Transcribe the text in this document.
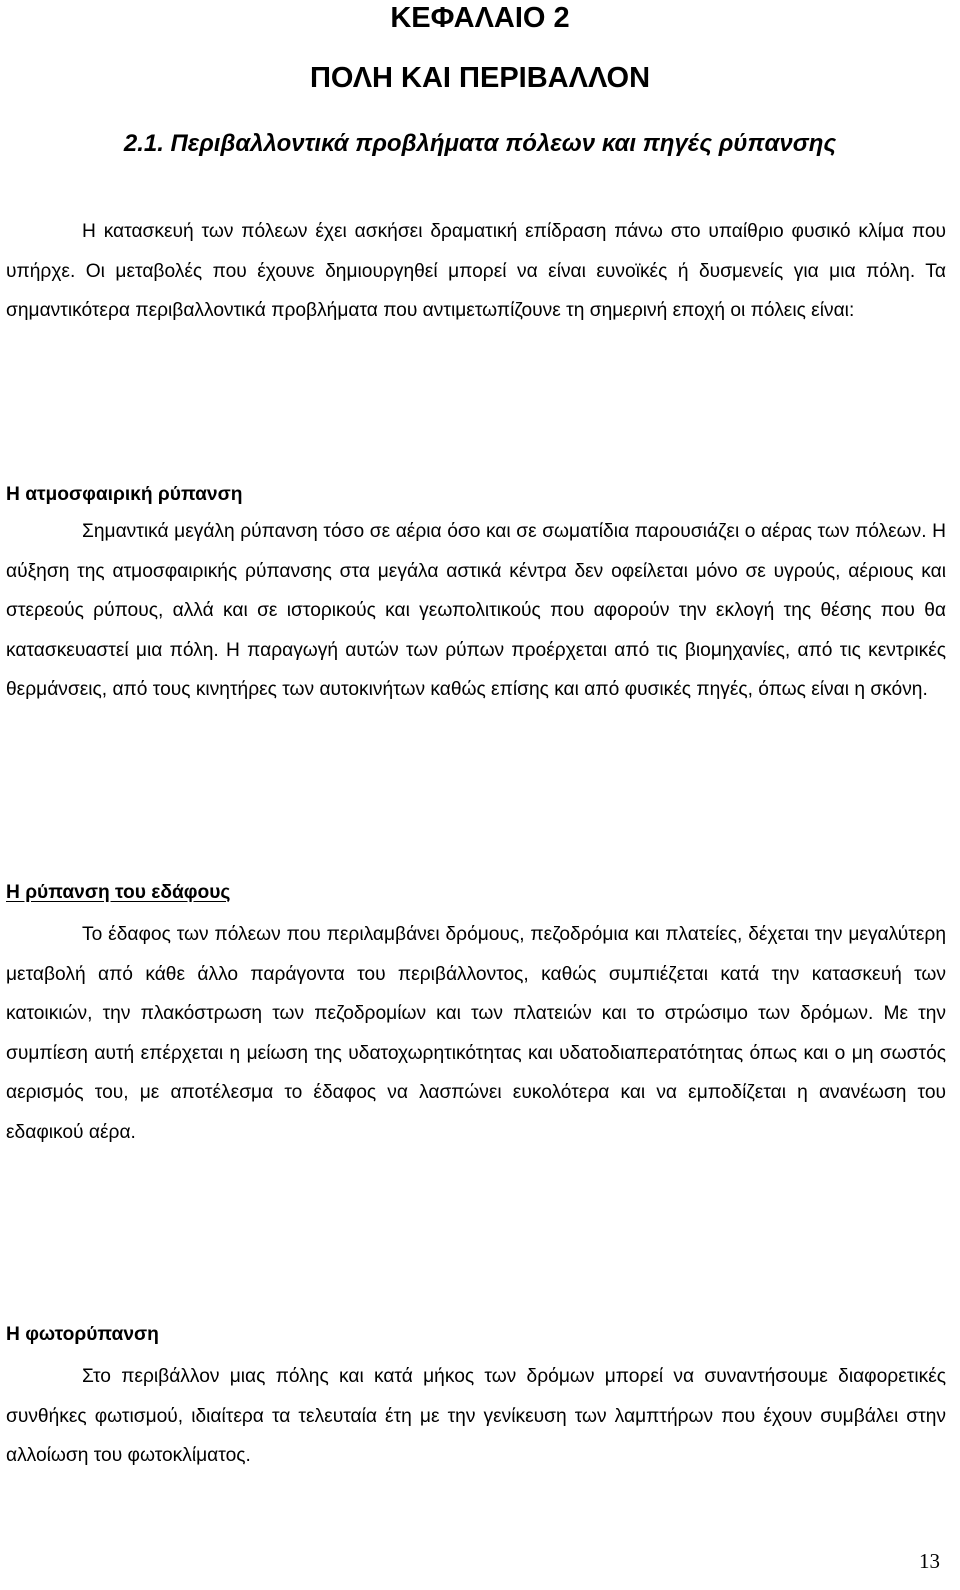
ΚΕΦΑΛΑΙΟ 2
ΠΟΛΗ ΚΑΙ ΠΕΡΙΒΑΛΛΟΝ
2.1. Περιβαλλοντικά προβλήματα πόλεων και πηγές ρύπανσης

Η κατασκευή των πόλεων έχει ασκήσει δραματική επίδραση πάνω στο υπαίθριο φυσικό κλίμα που υπήρχε. Οι μεταβολές που έχουνε δημιουργηθεί μπορεί να είναι ευνοϊκές ή δυσμενείς για μια πόλη. Τα σημαντικότερα περιβαλλοντικά προβλήματα που αντιμετωπίζουνε τη σημερινή εποχή οι πόλεις είναι:

Η ατμοσφαιρική ρύπανση

Σημαντικά μεγάλη ρύπανση τόσο σε αέρια όσο και σε σωματίδια παρουσιάζει ο αέρας των πόλεων. Η αύξηση της ατμοσφαιρικής ρύπανσης στα μεγάλα αστικά κέντρα δεν οφείλεται μόνο σε υγρούς, αέριους και στερεούς ρύπους, αλλά και σε ιστορικούς και γεωπολιτικούς που αφορούν την εκλογή της θέσης που θα κατασκευαστεί μια πόλη. Η παραγωγή αυτών των ρύπων προέρχεται από τις βιομηχανίες, από τις κεντρικές θερμάνσεις, από τους κινητήρες των αυτοκινήτων καθώς επίσης και από φυσικές πηγές, όπως είναι η σκόνη.

Η ρύπανση του εδάφους

Το έδαφος των πόλεων που περιλαμβάνει δρόμους, πεζοδρόμια και πλατείες, δέχεται την μεγαλύτερη μεταβολή από κάθε άλλο παράγοντα του περιβάλλοντος, καθώς συμπιέζεται κατά την κατασκευή των κατοικιών, την πλακόστρωση των πεζοδρομίων και των πλατειών και το στρώσιμο των δρόμων. Με την συμπίεση αυτή επέρχεται η μείωση της υδατοχωρητικότητας και υδατοδιαπερατότητας όπως και ο μη σωστός αερισμός του, με αποτέλεσμα το έδαφος να λασπώνει ευκολότερα και να εμποδίζεται η ανανέωση του εδαφικού αέρα.

Η φωτορύπανση

Στο περιβάλλον μιας πόλης και κατά μήκος των δρόμων μπορεί να συναντήσουμε διαφορετικές συνθήκες φωτισμού, ιδιαίτερα τα τελευταία έτη με την γενίκευση των λαμπτήρων που έχουν συμβάλει στην αλλοίωση του φωτοκλίματος.

13
